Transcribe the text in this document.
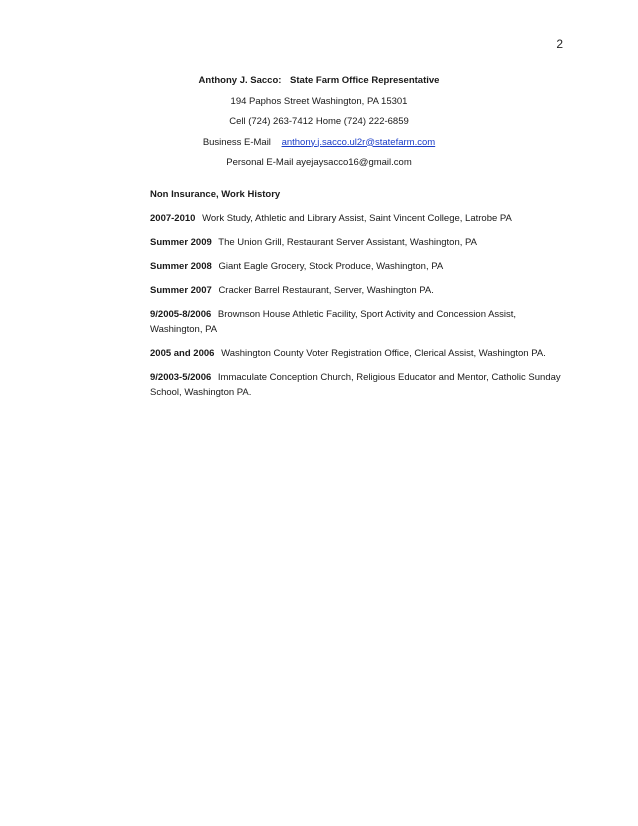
2
Anthony J. Sacco: State Farm Office Representative
194 Paphos Street Washington, PA 15301
Cell (724) 263-7412 Home (724) 222-6859
Business E-Mail anthony.j.sacco.ul2r@statefarm.com
Personal E-Mail ayejaysacco16@gmail.com
Non Insurance, Work History
2007-2010 Work Study, Athletic and Library Assist, Saint Vincent College, Latrobe PA
Summer 2009 The Union Grill, Restaurant Server Assistant, Washington, PA
Summer 2008 Giant Eagle Grocery, Stock Produce, Washington, PA
Summer 2007 Cracker Barrel Restaurant, Server, Washington PA.
9/2005-8/2006 Brownson House Athletic Facility, Sport Activity and Concession Assist, Washington, PA
2005 and 2006 Washington County Voter Registration Office, Clerical Assist, Washington PA.
9/2003-5/2006 Immaculate Conception Church, Religious Educator and Mentor, Catholic Sunday School, Washington PA.
